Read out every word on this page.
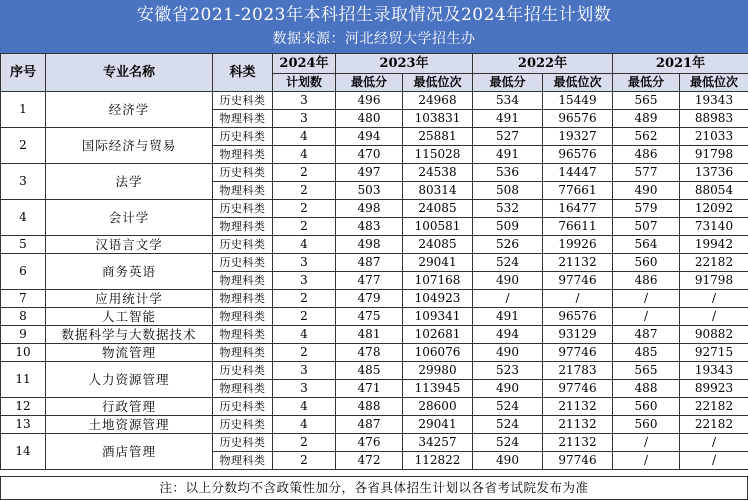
安徽省2021-2023年本科招生录取情况及2024年招生计划数
数据来源：河北经贸大学招生办
序号	专业名称	科类	2024年	2023年		2022年		2021年	
			计划数	最低分	最低位次	最低分	最低位次	最低分	最低位次
1	经济学	历史科类	3	496	24968	534	15449	565	19343
		物理科类	3	480	103831	491	96576	489	88983
2	国际经济与贸易	历史科类	4	494	25881	527	19327	562	21033
		物理科类	4	470	115028	491	96576	486	91798
3	法学	历史科类	2	497	24538	536	14447	577	13736
		物理科类	2	503	80314	508	77661	490	88054
4	会计学	历史科类	2	498	24085	532	16477	579	12092
		物理科类	2	483	100581	509	76611	507	73140
5	汉语言文学	历史科类	4	498	24085	526	19926	564	19942
6	商务英语	历史科类	3	487	29041	524	21132	560	22182
		物理科类	3	477	107168	490	97746	486	91798
7	应用统计学	物理科类	2	479	104923	/	/	/	/
8	人工智能	物理科类	2	475	109341	491	96576	/	/
9	数据科学与大数据技术	物理科类	4	481	102681	494	93129	487	90882
10	物流管理	物理科类	2	478	106076	490	97746	485	92715
11	人力资源管理	历史科类	3	485	29980	523	21783	565	19343
		物理科类	3	471	113945	490	97746	488	89923
12	行政管理	历史科类	4	488	28600	524	21132	560	22182
13	土地资源管理	历史科类	4	487	29041	524	21132	560	22182
14	酒店管理	历史科类	2	476	34257	524	21132	/	/
		物理科类	2	472	112822	490	97746	/	/
注：以上分数均不含政策性加分，各省具体招生计划以各省考试院发布为准
